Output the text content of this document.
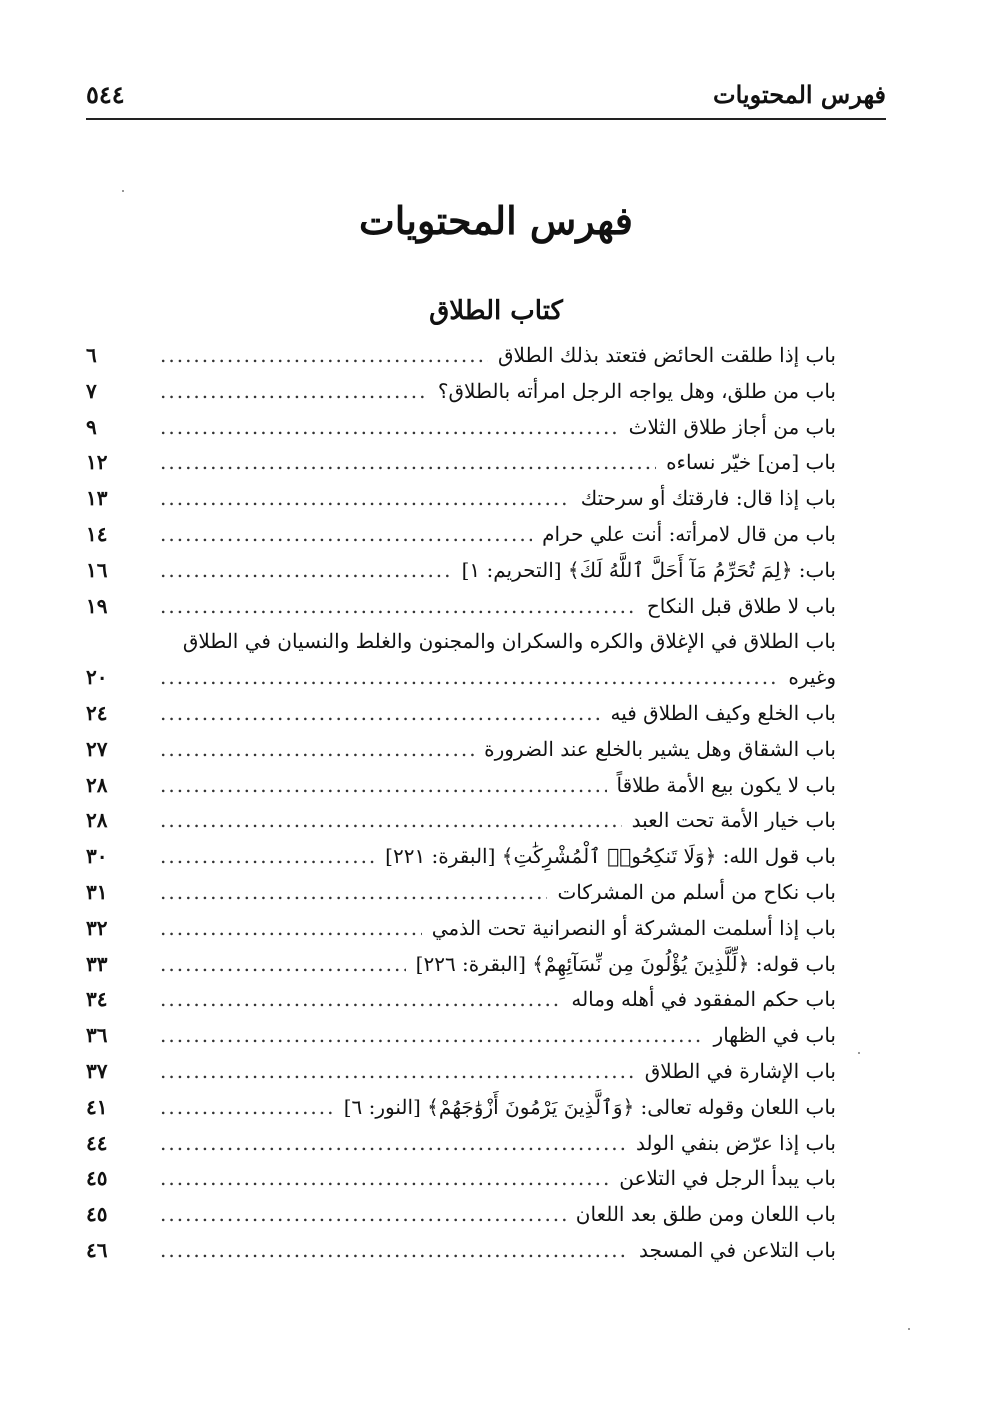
فهرس المحتويات
٥٤٤
فهرس المحتويات
كتاب الطلاق
باب إذا طلقت الحائض فتعتد بذلك الطلاق
.....
٦
باب من طلق، وهل يواجه الرجل امرأته بالطلاق؟
.....
٧
باب من أجاز طلاق الثلاث
.....
٩
باب [من] خيّر نساءه
.....
١٢
باب إذا قال: فارقتك أو سرحتك
.....
١٣
باب من قال لامرأته: أنت علي حرام
.....
١٤
باب: ﴿لِمَ تُحَرِّمُ مَآ أَحَلَّ ٱللَّهُ لَكَ﴾ [التحريم: ١]
.....
١٦
باب لا طلاق قبل النكاح
.....
١٩
باب الطلاق في الإغلاق والكره والسكران والمجنون والغلط والنسيان في الطلاق
وغيره
.....
٢٠
باب الخلع وكيف الطلاق فيه
.....
٢٤
باب الشقاق وهل يشير بالخلع عند الضرورة
.....
٢٧
باب لا يكون بيع الأمة طلاقاً
.....
٢٨
باب خيار الأمة تحت العبد
.....
٢٨
باب قول الله: ﴿وَلَا تَنكِحُوا۟ ٱلْمُشْرِكَٰتِ﴾ [البقرة: ٢٢١]
.....
٣٠
باب نكاح من أسلم من المشركات
.....
٣١
باب إذا أسلمت المشركة أو النصرانية تحت الذمي
.....
٣٢
باب قوله: ﴿لِّلَّذِينَ يُؤْلُونَ مِن نِّسَآئِهِمْ﴾ [البقرة: ٢٢٦]
.....
٣٣
باب حكم المفقود في أهله وماله
.....
٣٤
باب في الظهار
.....
٣٦
باب الإشارة في الطلاق
.....
٣٧
باب اللعان وقوله تعالى: ﴿وَٱلَّذِينَ يَرْمُونَ أَزْوَٰجَهُمْ﴾ [النور: ٦]
.....
٤١
باب إذا عرّض بنفي الولد
.....
٤٤
باب يبدأ الرجل في التلاعن
.....
٤٥
باب اللعان ومن طلق بعد اللعان
.....
٤٥
باب التلاعن في المسجد
.....
٤٦
